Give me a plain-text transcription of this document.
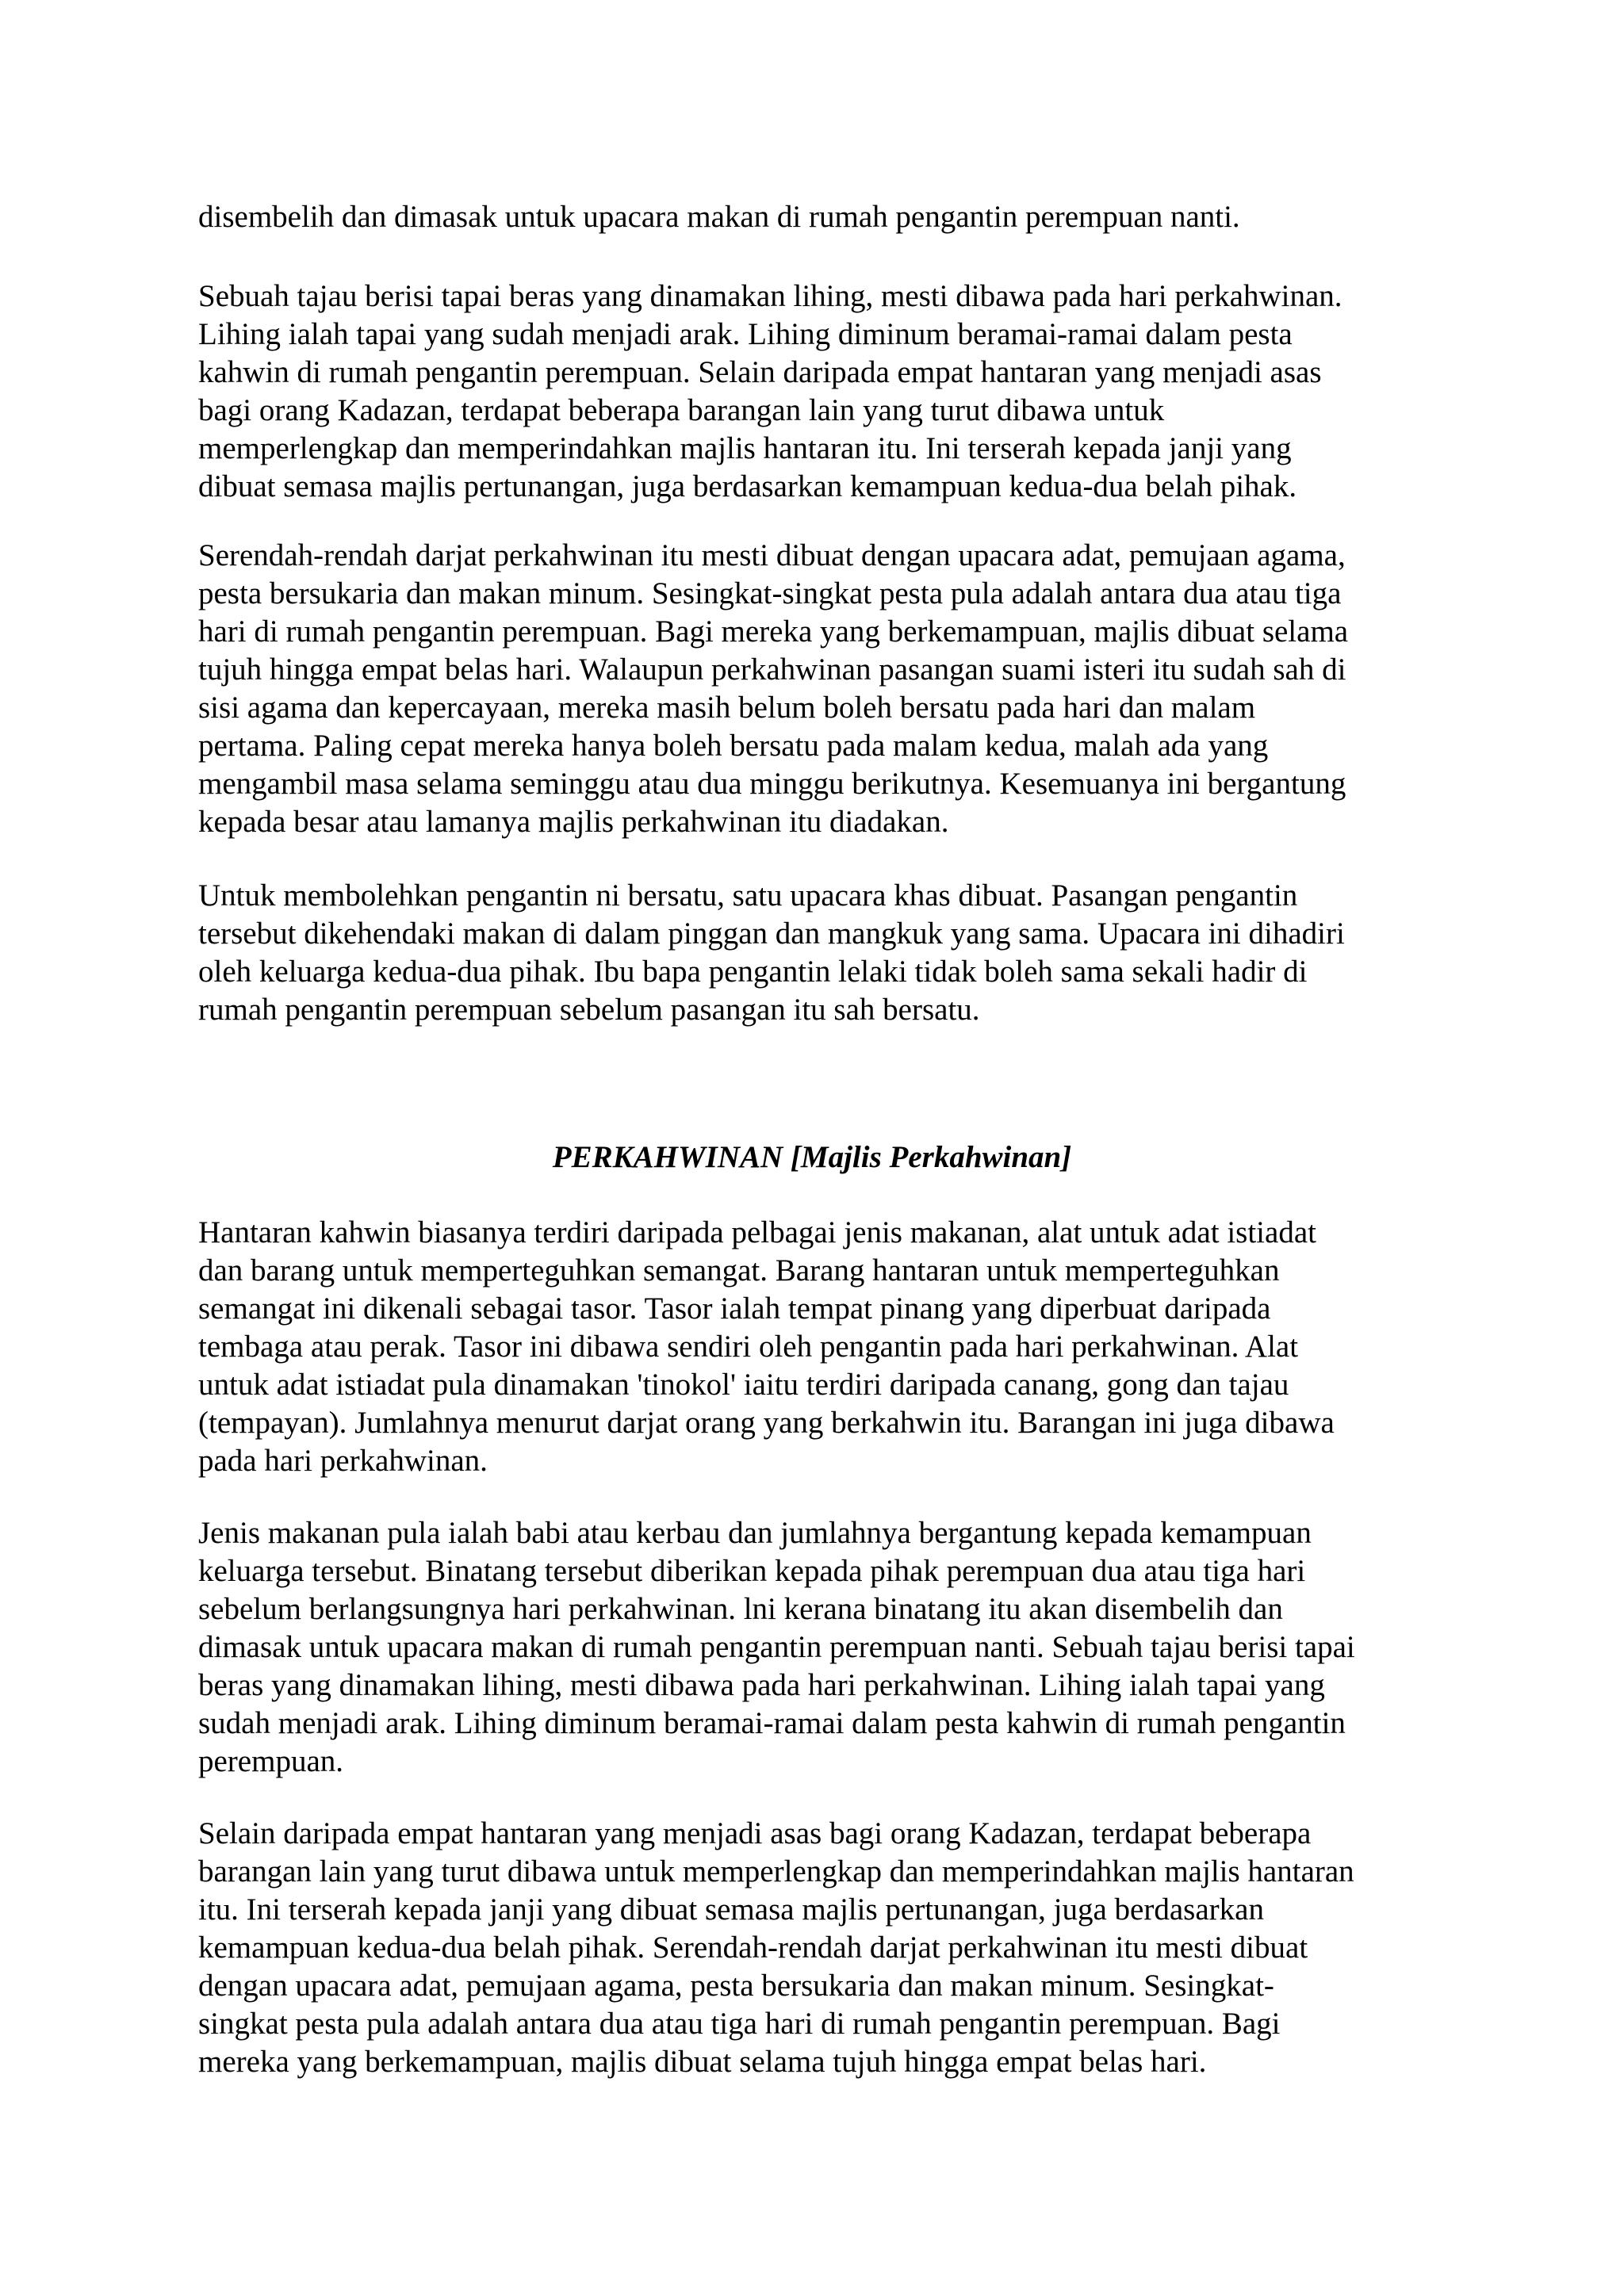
disembelih dan dimasak untuk upacara makan di rumah pengantin perempuan nanti.
Sebuah tajau berisi tapai beras yang dinamakan lihing, mesti dibawa pada hari perkahwinan.
Lihing ialah tapai yang sudah menjadi arak. Lihing diminum beramai-ramai dalam pesta
kahwin di rumah pengantin perempuan. Selain daripada empat hantaran yang menjadi asas
bagi orang Kadazan, terdapat beberapa barangan lain yang turut dibawa untuk
memperlengkap dan memperindahkan majlis hantaran itu. Ini terserah kepada janji yang
dibuat semasa majlis pertunangan, juga berdasarkan kemampuan kedua-dua belah pihak.
Serendah-rendah darjat perkahwinan itu mesti dibuat dengan upacara adat, pemujaan agama,
pesta bersukaria dan makan minum. Sesingkat-singkat pesta pula adalah antara dua atau tiga
hari di rumah pengantin perempuan. Bagi mereka yang berkemampuan, majlis dibuat selama
tujuh hingga empat belas hari. Walaupun perkahwinan pasangan suami isteri itu sudah sah di
sisi agama dan kepercayaan, mereka masih belum boleh bersatu pada hari dan malam
pertama. Paling cepat mereka hanya boleh bersatu pada malam kedua, malah ada yang
mengambil masa selama seminggu atau dua minggu berikutnya. Kesemuanya ini bergantung
kepada besar atau lamanya majlis perkahwinan itu diadakan.
Untuk membolehkan pengantin ni bersatu, satu upacara khas dibuat. Pasangan pengantin
tersebut dikehendaki makan di dalam pinggan dan mangkuk yang sama. Upacara ini dihadiri
oleh keluarga kedua-dua pihak. Ibu bapa pengantin lelaki tidak boleh sama sekali hadir di
rumah pengantin perempuan sebelum pasangan itu sah bersatu.
PERKAHWINAN [Majlis Perkahwinan]
Hantaran kahwin biasanya terdiri daripada pelbagai jenis makanan, alat untuk adat istiadat
dan barang untuk memperteguhkan semangat. Barang hantaran untuk memperteguhkan
semangat ini dikenali sebagai tasor. Tasor ialah tempat pinang yang diperbuat daripada
tembaga atau perak. Tasor ini dibawa sendiri oleh pengantin pada hari perkahwinan. Alat
untuk adat istiadat pula dinamakan 'tinokol' iaitu terdiri daripada canang, gong dan tajau
(tempayan). Jumlahnya menurut darjat orang yang berkahwin itu. Barangan ini juga dibawa
pada hari perkahwinan.
Jenis makanan pula ialah babi atau kerbau dan jumlahnya bergantung kepada kemampuan
keluarga tersebut. Binatang tersebut diberikan kepada pihak perempuan dua atau tiga hari
sebelum berlangsungnya hari perkahwinan. lni kerana binatang itu akan disembelih dan
dimasak untuk upacara makan di rumah pengantin perempuan nanti. Sebuah tajau berisi tapai
beras yang dinamakan lihing, mesti dibawa pada hari perkahwinan. Lihing ialah tapai yang
sudah menjadi arak. Lihing diminum beramai-ramai dalam pesta kahwin di rumah pengantin
perempuan.
Selain daripada empat hantaran yang menjadi asas bagi orang Kadazan, terdapat beberapa
barangan lain yang turut dibawa untuk memperlengkap dan memperindahkan majlis hantaran
itu. Ini terserah kepada janji yang dibuat semasa majlis pertunangan, juga berdasarkan
kemampuan kedua-dua belah pihak. Serendah-rendah darjat perkahwinan itu mesti dibuat
dengan upacara adat, pemujaan agama, pesta bersukaria dan makan minum. Sesingkat-
singkat pesta pula adalah antara dua atau tiga hari di rumah pengantin perempuan. Bagi
mereka yang berkemampuan, majlis dibuat selama tujuh hingga empat belas hari.
